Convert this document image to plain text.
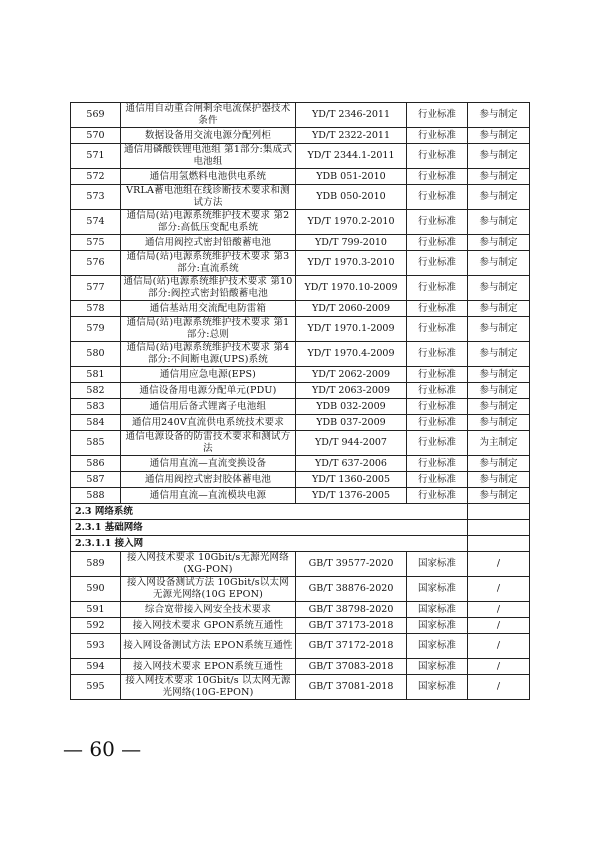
569	通信用自动重合闸剩余电流保护器技术条件	YD/T 2346-2011	行业标准	参与制定
570	数据设备用交流电源分配列柜	YD/T 2322-2011	行业标准	参与制定
571	通信用磷酸铁锂电池组 第1部分:集成式电池组	YD/T 2344.1-2011	行业标准	参与制定
572	通信用氢燃料电池供电系统	YDB 051-2010	行业标准	参与制定
573	VRLA蓄电池组在线诊断技术要求和测试方法	YDB 050-2010	行业标准	参与制定
574	通信局(站)电源系统维护技术要求 第2部分:高低压变配电系统	YD/T 1970.2-2010	行业标准	参与制定
575	通信用阀控式密封铅酸蓄电池	YD/T 799-2010	行业标准	参与制定
576	通信局(站)电源系统维护技术要求 第3部分:直流系统	YD/T 1970.3-2010	行业标准	参与制定
577	通信局(站)电源系统维护技术要求 第10部分:阀控式密封铅酸蓄电池	YD/T 1970.10-2009	行业标准	参与制定
578	通信基站用交流配电防雷箱	YD/T 2060-2009	行业标准	参与制定
579	通信局(站)电源系统维护技术要求 第1部分:总则	YD/T 1970.1-2009	行业标准	参与制定
580	通信局(站)电源系统维护技术要求 第4部分:不间断电源(UPS)系统	YD/T 1970.4-2009	行业标准	参与制定
581	通信用应急电源(EPS)	YD/T 2062-2009	行业标准	参与制定
582	通信设备用电源分配单元(PDU)	YD/T 2063-2009	行业标准	参与制定
583	通信用后备式锂离子电池组	YDB 032-2009	行业标准	参与制定
584	通信用240V直流供电系统技术要求	YDB 037-2009	行业标准	参与制定
585	通信电源设备的防雷技术要求和测试方法	YD/T 944-2007	行业标准	为主制定
586	通信用直流—直流变换设备	YD/T 637-2006	行业标准	参与制定
587	通信用阀控式密封胶体蓄电池	YD/T 1360-2005	行业标准	参与制定
588	通信用直流—直流模块电源	YD/T 1376-2005	行业标准	参与制定
2.3 网络系统				
2.3.1 基础网络				
2.3.1.1 接入网				
589	接入网技术要求 10Gbit/s无源光网络(XG-PON)	GB/T 39577-2020	国家标准	/
590	接入网设备测试方法 10Gbit/s以太网无源光网络(10G EPON)	GB/T 38876-2020	国家标准	/
591	综合宽带接入网安全技术要求	GB/T 38798-2020	国家标准	/
592	接入网技术要求 GPON系统互通性	GB/T 37173-2018	国家标准	/
593	接入网设备测试方法 EPON系统互通性	GB/T 37172-2018	国家标准	/
594	接入网技术要求 EPON系统互通性	GB/T 37083-2018	国家标准	/
595	接入网技术要求 10Gbit/s 以太网无源光网络(10G-EPON)	GB/T 37081-2018	国家标准	/
— 60 —
